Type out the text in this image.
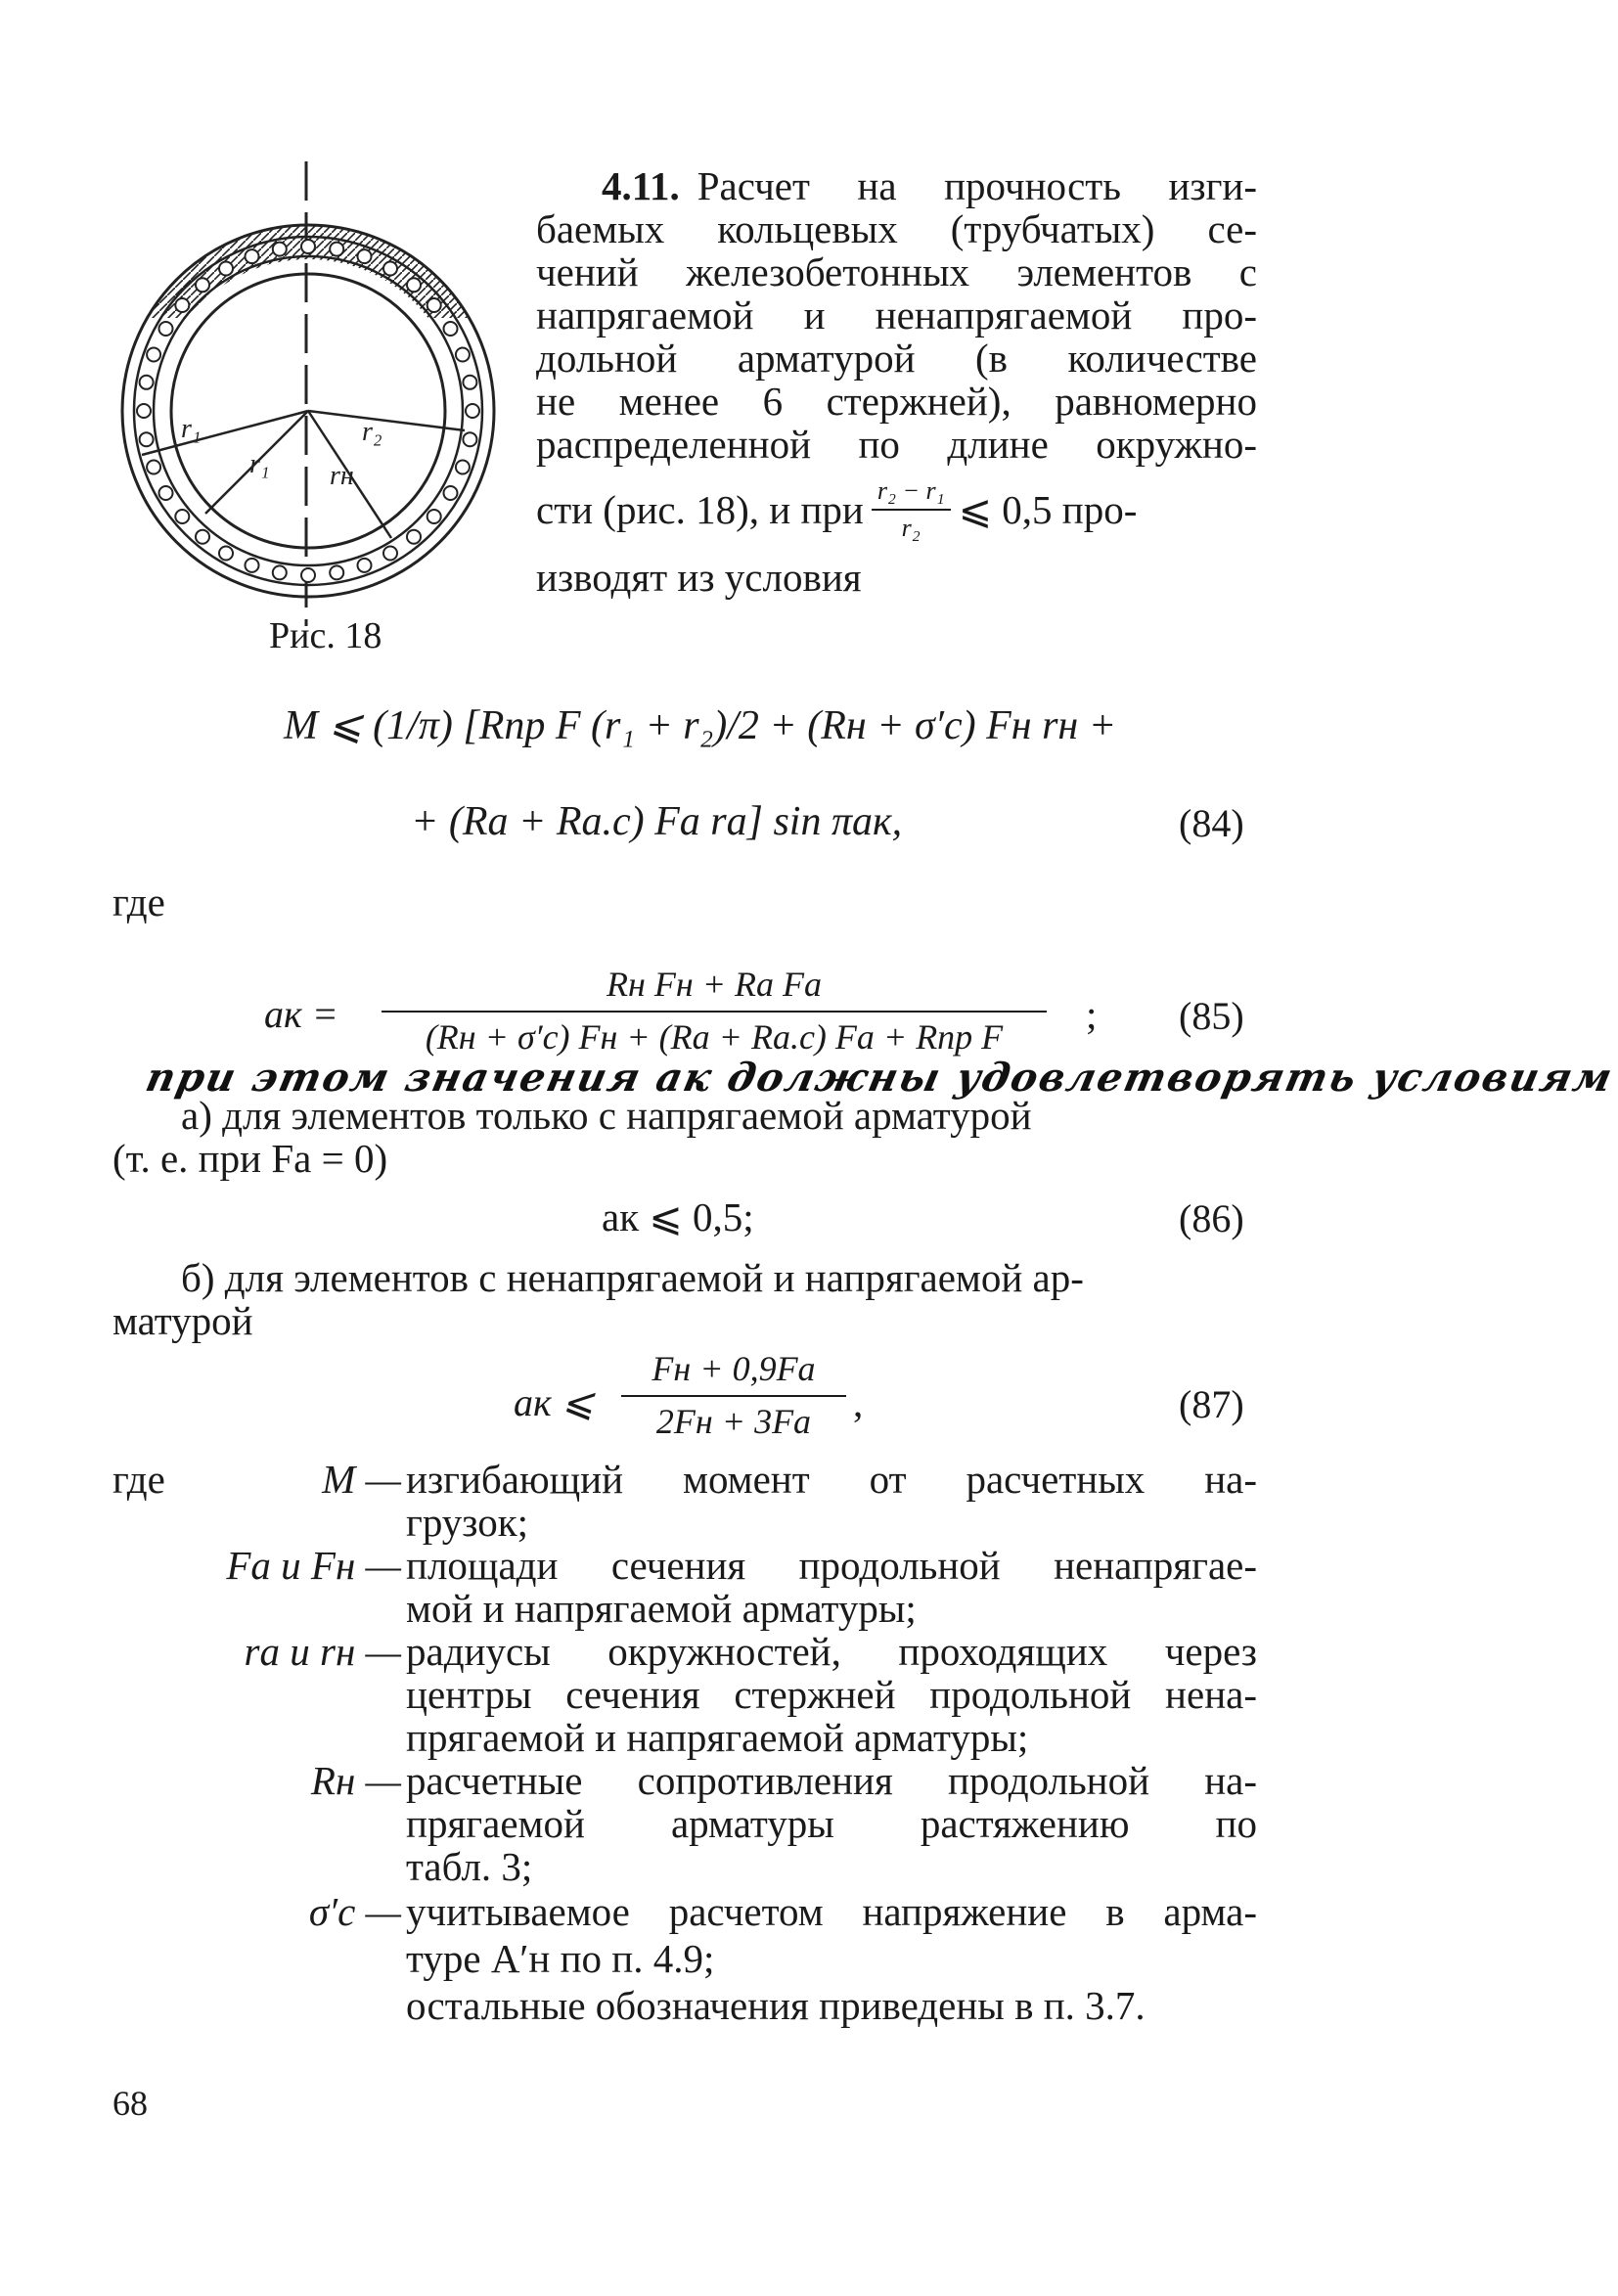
r₁
r₁
r₂
rн
Рис. 18
4.11. Расчет на прочность изги-
баемых кольцевых (трубчатых) се-
чений железобетонных элементов с
напрягаемой и ненапрягаемой про-
дольной арматурой (в количестве
не менее 6 стержней), равномерно
распределенной по длине окружно-
сти (рис. 18), и при $\frac{\text{r₂ − r₁}}{\text{r₂}}$ ⩽ 0,5 про-
изводят из условия
M ⩽ (1/π) [Rпр F (r₁ + r₂)/2 + (Rн + σ′c) Fн rн +
+ (Ra + Ra.c) Fa ra] sin πaк,	(84)
где
aк =
Rн Fн + Ra Fa
(Rн + σ′c) Fн + (Ra + Ra.c) Fa + Rпр F	; (85)
при этом значения aк должны удовлетворять условиям
а) для элементов только с напрягаемой арматурой
(т. е. при Fa = 0)
aк ⩽ 0,5;	(86)
б) для элементов с ненапрягаемой и напрягаемой ар-
матурой
aк ⩽
Fн + 0,9Fa
2Fн + 3Fa	,	(87)
где	M — изгибающий момент от расчетных на-
грузок;
Fa и Fн — площади сечения продольной ненапрягае-
мой и напрягаемой арматуры;
ra и rн — радиусы окружностей, проходящих через
центры сечения стержней продольной нена-
прягаемой и напрягаемой арматуры;
Rн — расчетные сопротивления продольной на-
прягаемой арматуры растяжению по
табл. 3;
σ′c — учитываемое расчетом напряжение в арма-
туре A′н по п. 4.9;
остальные обозначения приведены в п. 3.7.
68
